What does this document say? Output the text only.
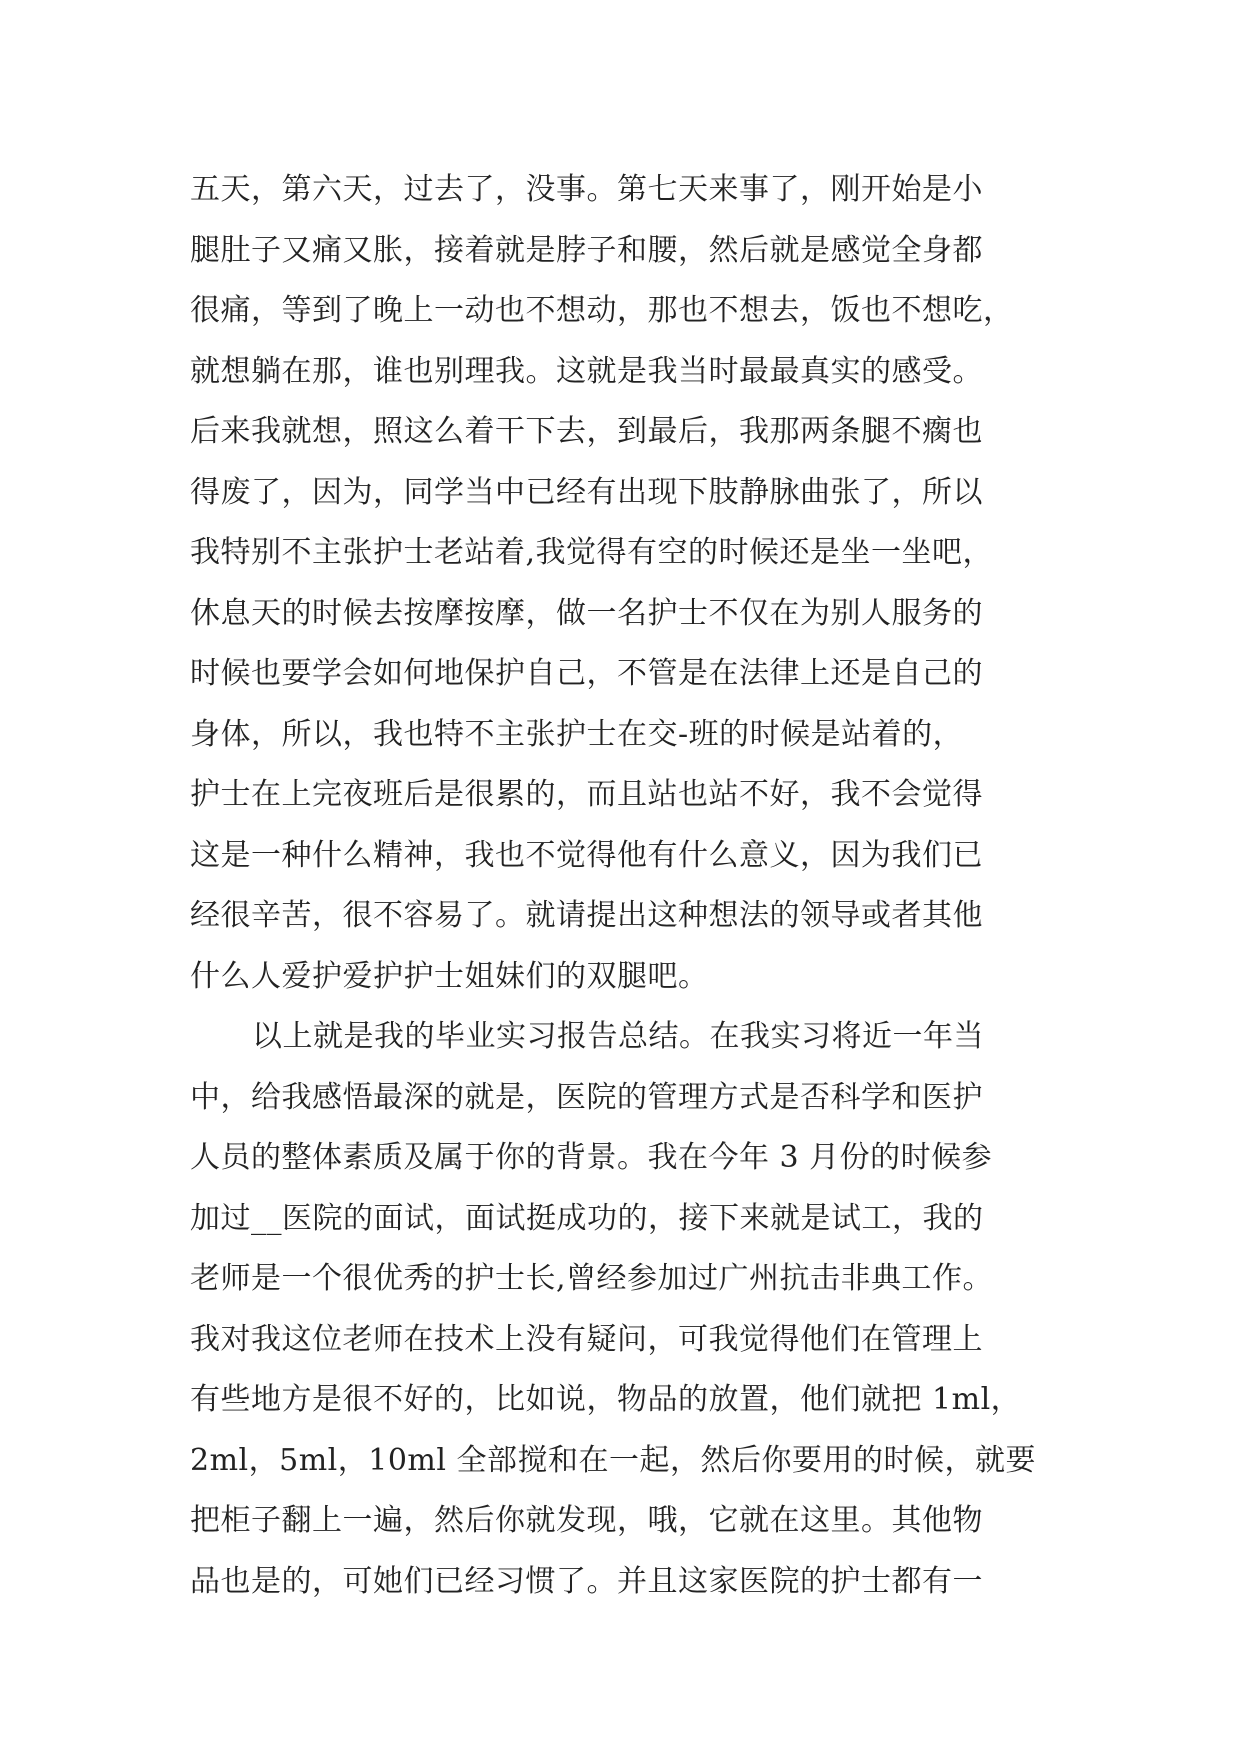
五天，第六天，过去了，没事。第七天来事了，刚开始是小
腿肚子又痛又胀，接着就是脖子和腰，然后就是感觉全身都
很痛，等到了晚上一动也不想动，那也不想去，饭也不想吃，
就想躺在那，谁也别理我。这就是我当时最最真实的感受。
后来我就想，照这么着干下去，到最后，我那两条腿不瘸也
得废了，因为，同学当中已经有出现下肢静脉曲张了，所以
我特别不主张护士老站着,我觉得有空的时候还是坐一坐吧，
休息天的时候去按摩按摩，做一名护士不仅在为别人服务的
时候也要学会如何地保护自己，不管是在法律上还是自己的
身体，所以，我也特不主张护士在交-班的时候是站着的，
护士在上完夜班后是很累的，而且站也站不好，我不会觉得
这是一种什么精神，我也不觉得他有什么意义，因为我们已
经很辛苦，很不容易了。就请提出这种想法的领导或者其他
什么人爱护爱护护士姐妹们的双腿吧。
以上就是我的毕业实习报告总结。在我实习将近一年当
中，给我感悟最深的就是，医院的管理方式是否科学和医护
人员的整体素质及属于你的背景。我在今年 3 月份的时候参
加过__医院的面试，面试挺成功的，接下来就是试工，我的
老师是一个很优秀的护士长,曾经参加过广州抗击非典工作。
我对我这位老师在技术上没有疑问，可我觉得他们在管理上
有些地方是很不好的，比如说，物品的放置，他们就把 1ml，
2ml，5ml，10ml 全部搅和在一起，然后你要用的时候，就要
把柜子翻上一遍，然后你就发现，哦，它就在这里。其他物
品也是的，可她们已经习惯了。并且这家医院的护士都有一
